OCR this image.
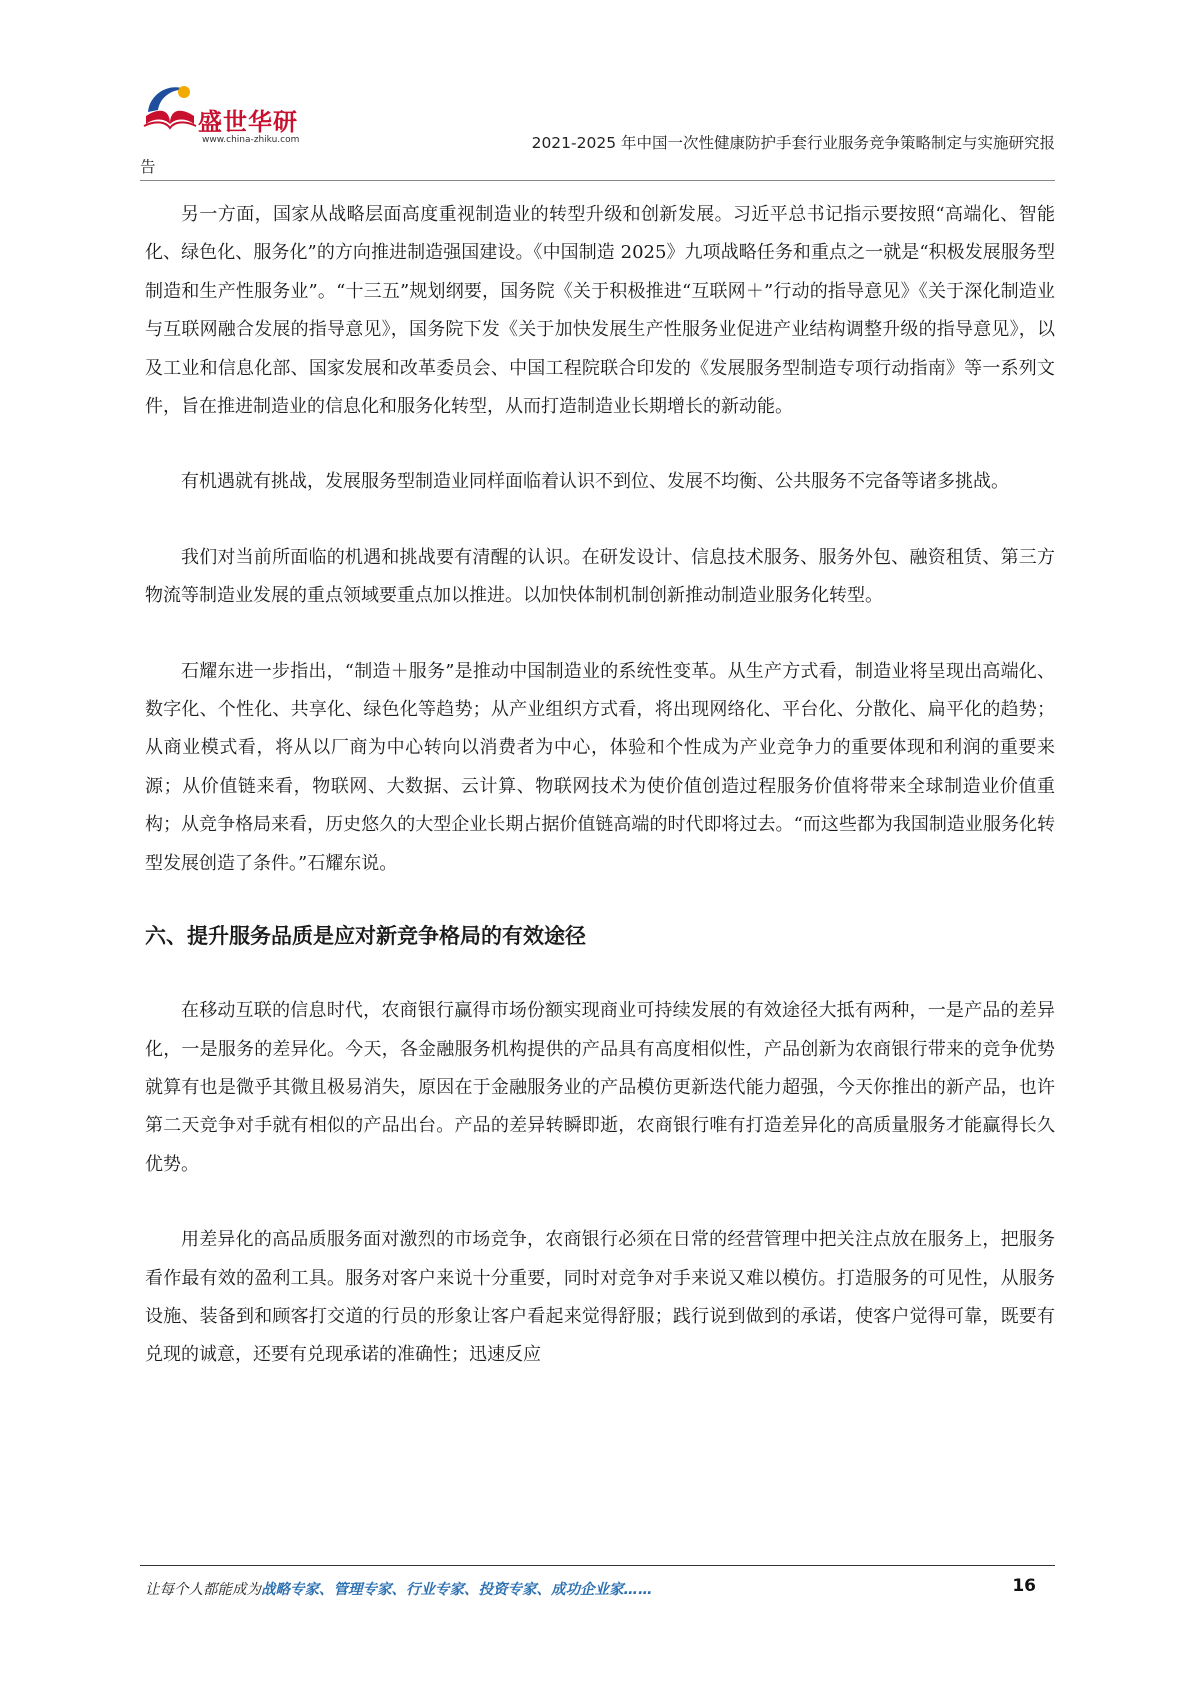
盛世华研
www.china-zhiku.com	2021-2025 年中国一次性健康防护手套行业服务竞争策略制定与实施研究报
告

另一方面，国家从战略层面高度重视制造业的转型升级和创新发展。习近平总书记指示要按照“高端化、智能化、绿色化、服务化”的方向推进制造强国建设。《中国制造 2025》九项战略任务和重点之一就是“积极发展服务型制造和生产性服务业”。“十三五”规划纲要，国务院《关于积极推进“互联网＋”行动的指导意见》《关于深化制造业与互联网融合发展的指导意见》，国务院下发《关于加快发展生产性服务业促进产业结构调整升级的指导意见》，以及工业和信息化部、国家发展和改革委员会、中国工程院联合印发的《发展服务型制造专项行动指南》等一系列文件，旨在推进制造业的信息化和服务化转型，从而打造制造业长期增长的新动能。

有机遇就有挑战，发展服务型制造业同样面临着认识不到位、发展不均衡、公共服务不完备等诸多挑战。

我们对当前所面临的机遇和挑战要有清醒的认识。在研发设计、信息技术服务、服务外包、融资租赁、第三方物流等制造业发展的重点领域要重点加以推进。以加快体制机制创新推动制造业服务化转型。

石耀东进一步指出，“制造＋服务”是推动中国制造业的系统性变革。从生产方式看，制造业将呈现出高端化、数字化、个性化、共享化、绿色化等趋势；从产业组织方式看，将出现网络化、平台化、分散化、扁平化的趋势；从商业模式看，将从以厂商为中心转向以消费者为中心，体验和个性成为产业竞争力的重要体现和利润的重要来源；从价值链来看，物联网、大数据、云计算、物联网技术为使价值创造过程服务价值将带来全球制造业价值重构；从竞争格局来看，历史悠久的大型企业长期占据价值链高端的时代即将过去。“而这些都为我国制造业服务化转型发展创造了条件。”石耀东说。

六、提升服务品质是应对新竞争格局的有效途径

在移动互联的信息时代，农商银行赢得市场份额实现商业可持续发展的有效途径大抵有两种，一是产品的差异化，一是服务的差异化。今天，各金融服务机构提供的产品具有高度相似性，产品创新为农商银行带来的竞争优势就算有也是微乎其微且极易消失，原因在于金融服务业的产品模仿更新迭代能力超强，今天你推出的新产品，也许第二天竞争对手就有相似的产品出台。产品的差异转瞬即逝，农商银行唯有打造差异化的高质量服务才能赢得长久优势。

用差异化的高品质服务面对激烈的市场竞争，农商银行必须在日常的经营管理中把关注点放在服务上，把服务看作最有效的盈利工具。服务对客户来说十分重要，同时对竞争对手来说又难以模仿。打造服务的可见性，从服务设施、装备到和顾客打交道的行员的形象让客户看起来觉得舒服；践行说到做到的承诺，使客户觉得可靠，既要有兑现的诚意，还要有兑现承诺的准确性；迅速反应

让每个人都能成为战略专家、管理专家、行业专家、投资专家、成功企业家……	16
